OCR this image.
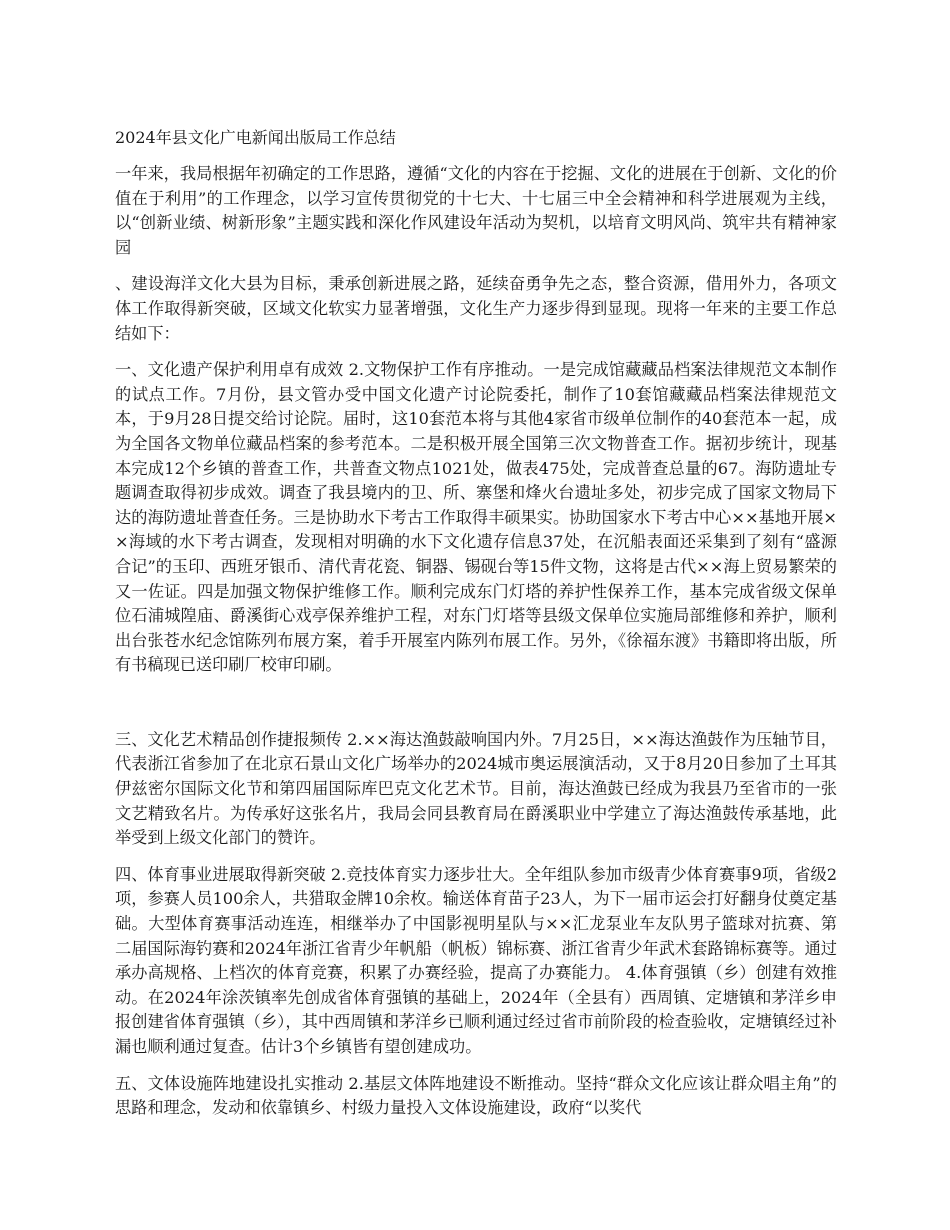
2024年县文化广电新闻出版局工作总结

一年来，我局根据年初确定的工作思路，遵循“文化的内容在于挖掘、文化的进展在于创新、文化的价值在于利用”的工作理念，以学习宣传贯彻党的十七大、十七届三中全会精神和科学进展观为主线，以“创新业绩、树新形象”主题实践和深化作风建设年活动为契机，以培育文明风尚、筑牢共有精神家园

、建设海洋文化大县为目标，秉承创新进展之路，延续奋勇争先之态，整合资源，借用外力，各项文体工作取得新突破，区域文化软实力显著增强，文化生产力逐步得到显现。现将一年来的主要工作总结如下：

一、文化遗产保护利用卓有成效 2.文物保护工作有序推动。一是完成馆藏藏品档案法律规范文本制作的试点工作。7月份，县文管办受中国文化遗产讨论院委托，制作了10套馆藏藏品档案法律规范文本，于9月28日提交给讨论院。届时，这10套范本将与其他4家省市级单位制作的40套范本一起，成为全国各文物单位藏品档案的参考范本。二是积极开展全国第三次文物普查工作。据初步统计，现基本完成12个乡镇的普查工作，共普查文物点1021处，做表475处，完成普查总量的67。海防遗址专题调查取得初步成效。调查了我县境内的卫、所、寨堡和烽火台遗址多处，初步完成了国家文物局下达的海防遗址普查任务。三是协助水下考古工作取得丰硕果实。协助国家水下考古中心××基地开展××海域的水下考古调查，发现相对明确的水下文化遗存信息37处，在沉船表面还采集到了刻有“盛源合记”的玉印、西班牙银币、清代青花瓷、铜器、锡砚台等15件文物，这将是古代××海上贸易繁荣的又一佐证。四是加强文物保护维修工作。顺利完成东门灯塔的养护性保养工作，基本完成省级文保单位石浦城隍庙、爵溪街心戏亭保养维护工程，对东门灯塔等县级文保单位实施局部维修和养护，顺利出台张苍水纪念馆陈列布展方案，着手开展室内陈列布展工作。另外，《徐福东渡》书籍即将出版，所有书稿现已送印刷厂校审印刷。

三、文化艺术精品创作捷报频传 2.××海达渔鼓敲响国内外。7月25日，××海达渔鼓作为压轴节目，代表浙江省参加了在北京石景山文化广场举办的2024城市奥运展演活动，又于8月20日参加了土耳其伊兹密尔国际文化节和第四届国际库巴克文化艺术节。目前，海达渔鼓已经成为我县乃至省市的一张文艺精致名片。为传承好这张名片，我局会同县教育局在爵溪职业中学建立了海达渔鼓传承基地，此举受到上级文化部门的赞许。

四、体育事业进展取得新突破 2.竞技体育实力逐步壮大。全年组队参加市级青少体育赛事9项，省级2项，参赛人员100余人，共猎取金牌10余枚。输送体育苗子23人，为下一届市运会打好翻身仗奠定基础。大型体育赛事活动连连，相继举办了中国影视明星队与××汇龙泵业车友队男子篮球对抗赛、第二届国际海钓赛和2024年浙江省青少年帆船（帆板）锦标赛、浙江省青少年武术套路锦标赛等。通过承办高规格、上档次的体育竞赛，积累了办赛经验，提高了办赛能力。 4.体育强镇（乡）创建有效推动。在2024年涂茨镇率先创成省体育强镇的基础上，2024年（全县有）西周镇、定塘镇和茅洋乡申报创建省体育强镇（乡），其中西周镇和茅洋乡已顺利通过经过省市前阶段的检查验收，定塘镇经过补漏也顺利通过复查。估计3个乡镇皆有望创建成功。

五、文体设施阵地建设扎实推动 2.基层文体阵地建设不断推动。坚持“群众文化应该让群众唱主角”的思路和理念，发动和依靠镇乡、村级力量投入文体设施建设，政府“以奖代
